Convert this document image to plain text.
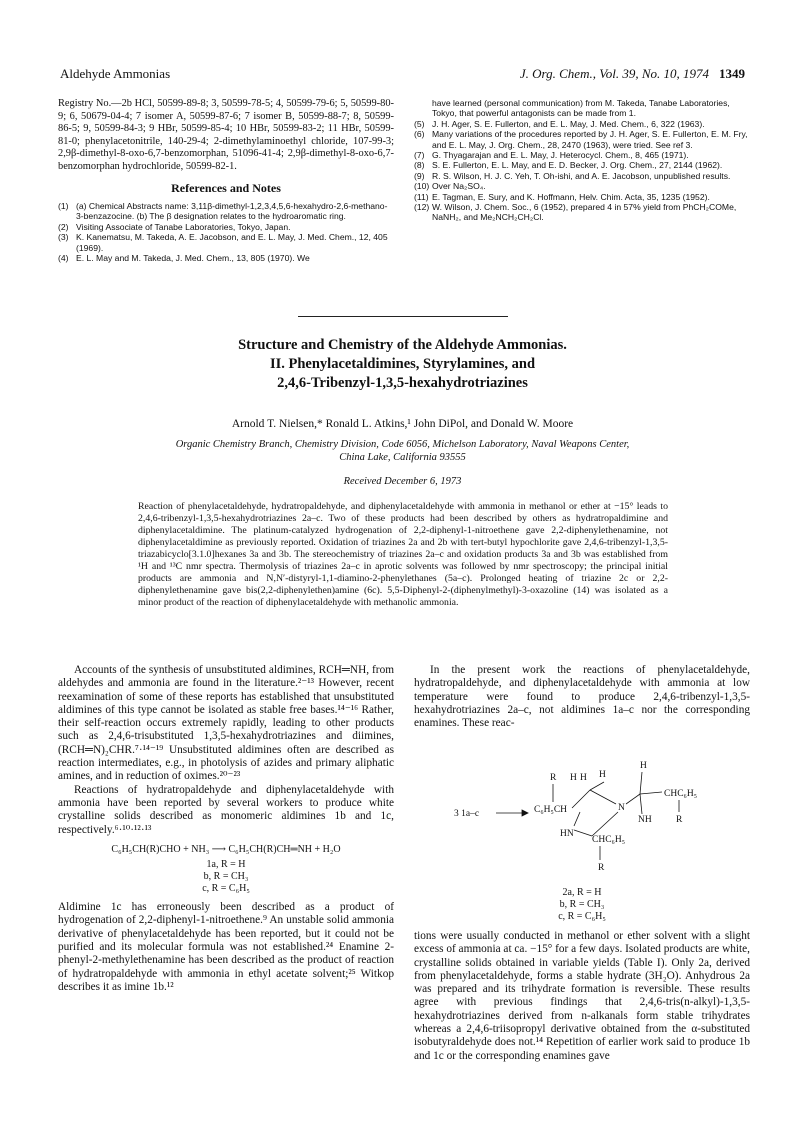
Aldehyde Ammonias	J. Org. Chem., Vol. 39, No. 10, 1974 1349
Registry No.—2b HCl, 50599-89-8; 3, 50599-78-5; 4, 50599-79-6; 5, 50599-80-9; 6, 50679-04-4; 7 isomer A, 50599-87-6; 7 isomer B, 50599-88-7; 8, 50599-86-5; 9, 50599-84-3; 9 HBr, 50599-85-4; 10 HBr, 50599-83-2; 11 HBr, 50599-81-0; phenylacetonitrile, 140-29-4; 2-dimethylaminoethyl chloride, 107-99-3; 2,9β-dimethyl-8-oxo-6,7-benzomorphan, 51096-41-4; 2,9β-dimethyl-8-oxo-6,7-benzomorphan hydrochloride, 50599-82-1.
References and Notes
(1) (a) Chemical Abstracts name: 3,11β-dimethyl-1,2,3,4,5,6-hexahydro-2,6-methano-3-benzazocine. (b) The β designation relates to the hydroaromatic ring.
(2) Visiting Associate of Tanabe Laboratories, Tokyo, Japan.
(3) K. Kanematsu, M. Takeda, A. E. Jacobson, and E. L. May, J. Med. Chem., 12, 405 (1969).
(4) E. L. May and M. Takeda, J. Med. Chem., 13, 805 (1970). We
have learned (personal communication) from M. Takeda, Tanabe Laboratories, Tokyo, that powerful antagonists can be made from 1.
(5) J. H. Ager, S. E. Fullerton, and E. L. May, J. Med. Chem., 6, 322 (1963).
(6) Many variations of the procedures reported by J. H. Ager, S. E. Fullerton, E. M. Fry, and E. L. May, J. Org. Chem., 28, 2470 (1963), were tried. See ref 3.
(7) G. Thyagarajan and E. L. May, J. Heterocycl. Chem., 8, 465 (1971).
(8) S. E. Fullerton, E. L. May, and E. D. Becker, J. Org. Chem., 27, 2144 (1962).
(9) R. S. Wilson, H. J. C. Yeh, T. Oh-ishi, and A. E. Jacobson, unpublished results.
(10) Over Na₂SO₄.
(11) E. Tagman, E. Sury, and K. Hoffmann, Helv. Chim. Acta, 35, 1235 (1952).
(12) W. Wilson, J. Chem. Soc., 6 (1952), prepared 4 in 57% yield from PhCH₂COMe, NaNH₂, and Me₂NCH₂CH₂Cl.
Structure and Chemistry of the Aldehyde Ammonias.
II. Phenylacetaldimines, Styrylamines, and
2,4,6-Tribenzyl-1,3,5-hexahydrotriazines
Arnold T. Nielsen,* Ronald L. Atkins,¹ John DiPol, and Donald W. Moore
Organic Chemistry Branch, Chemistry Division, Code 6056, Michelson Laboratory, Naval Weapons Center,
China Lake, California 93555
Received December 6, 1973
Reaction of phenylacetaldehyde, hydratropaldehyde, and diphenylacetaldehyde with ammonia in methanol or ether at −15° leads to 2,4,6-tribenzyl-1,3,5-hexahydrotriazines 2a–c. Two of these products had been described by others as hydratropaldimine and diphenylacetaldimine. The platinum-catalyzed hydrogenation of 2,2-diphenyl-1-nitroethene gave 2,2-diphenylethenamine, not diphenylacetaldimine as previously reported. Oxidation of triazines 2a and 2b with tert-butyl hypochlorite gave 2,4,6-tribenzyl-1,3,5-triazabicyclo[3.1.0]hexanes 3a and 3b. The stereochemistry of triazines 2a–c and oxidation products 3a and 3b was established from ¹H and ¹³C nmr spectra. Thermolysis of triazines 2a–c in aprotic solvents was followed by nmr spectroscopy; the principal initial products are ammonia and N,N′-distyryl-1,1-diamino-2-phenylethanes (5a–c). Prolonged heating of triazine 2c or 2,2-diphenylethenamine gave bis(2,2-diphenylethen)amine (6c). 5,5-Diphenyl-2-(diphenylmethyl)-3-oxazoline (14) was isolated as a minor product of the reaction of diphenylacetaldehyde with methanolic ammonia.

Accounts of the synthesis of unsubstituted aldimines, RCH═NH, from aldehydes and ammonia are found in the literature.²⁻¹³ However, recent reexamination of some of these reports has established that unsubstituted aldimines of this type cannot be isolated as stable free bases.¹⁴⁻¹⁶ Rather, their self-reaction occurs extremely rapidly, leading to other products such as 2,4,6-trisubstituted 1,3,5-hexahydrotriazines and diimines, (RCH═N)₂CHR.⁷·¹⁴⁻¹⁹ Unsubstituted aldimines often are described as reaction intermediates, e.g., in photolysis of azides and primary aliphatic amines, and in reduction of oximes.²⁰⁻²³

Reactions of hydratropaldehyde and diphenylacetaldehyde with ammonia have been reported by several workers to produce white crystalline solids described as monomeric aldimines 1b and 1c, respectively.⁶·¹⁰·¹²·¹³

C₆H₅CH(R)CHO + NH₃ ⟶ C₆H₅CH(R)CH═NH + H₂O
1a, R = H
b, R = CH₃
c, R = C₆H₅

Aldimine 1c has erroneously been described as a product of hydrogenation of 2,2-diphenyl-1-nitroethene.⁹ An unstable solid ammonia derivative of phenylacetaldehyde has been reported, but it could not be purified and its molecular formula was not established.²⁴ Enamine 2-phenyl-2-methylethenamine has been described as the product of reaction of hydratropaldehyde with ammonia in ethyl acetate solvent;²⁵ Witkop describes it as imine 1b.¹²

In the present work the reactions of phenylacetaldehyde, hydratropaldehyde, and diphenylacetaldehyde with ammonia at low temperature were found to produce 2,4,6-tribenzyl-1,3,5-hexahydrotriazines 2a–c, not aldimines 1a–c nor the corresponding enamines. These reac-

3 1a–c	C₆H₅CH
R H H H
H
N
NH
HN
R
CHC₆H₅
CHC₆H₅
R
2a, R = H
b, R = CH₃
c, R = C₆H₅

tions were usually conducted in methanol or ether solvent with a slight excess of ammonia at ca. −15° for a few days. Isolated products are white, crystalline solids obtained in variable yields (Table I). Only 2a, derived from phenylacetaldehyde, forms a stable hydrate (3H₂O). Anhydrous 2a was prepared and its trihydrate formation is reversible. These results agree with previous findings that 2,4,6-tris(n-alkyl)-1,3,5-hexahydrotriazines derived from n-alkanals form stable trihydrates whereas a 2,4,6-triisopropyl derivative obtained from the α-substituted isobutyraldehyde does not.¹⁴ Repetition of earlier work said to produce 1b and 1c or the corresponding enamines gave
